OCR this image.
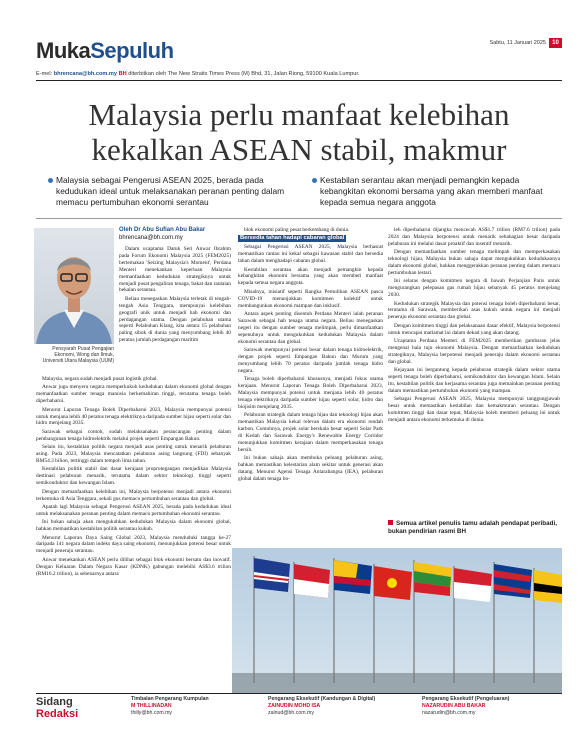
MukaSepuluh	Sabtu, 11 Januari 2025	10
E-mel: bhrencana@bh.com.my BH diterbitkan oleh The New Straits Times Press (M) Bhd, 31, Jalan Riong, 59100 Kuala Lumpur.
Malaysia perlu manfaat kelebihan
kekalkan ASEAN stabil, makmur
Malaysia sebagai Pengerusi ASEAN 2025, berada pada kedudukan ideal untuk melaksanakan peranan penting dalam memacu pertumbuhan ekonomi serantau
Kestabilan serantau akan menjadi pemangkin kepada kebangkitan ekonomi bersama yang akan memberi manfaat kepada semua negara anggota
Pensyarah Pusat Pengajian Ekonomi, Wong dan Ilmuk, Universiti Utara Malaysia (UUM)
Oleh Dr Abu Sufian Abu Bakar
bhrencana@bh.com.my

Dalam ucaptama Datuk Seri Anwar Ibrahim pada Forum Ekonomi Malaysia 2025 (FEM2025) bertemakan 'Seizing Malaysia's Moment', Perdana Menteri menekankan keperluan Malaysia memanfaatkan kedudukan strategiknya untuk menjadi pusat pengaliran tenaga, bakat dan rantaian bekalan serantau.

Beliau menegaskan Malaysia terletak di tengah-tengah Asia Tenggara, mempunyai kelebihan geografi unik untuk menjadi hab ekonomi dan perdagangan utama. Dengan pelabuhan utama seperti Pelabuhan Klang, kita antara 15 pelabuhan paling sibuk di dunia yang menyumbang lebih 40 peratus jumlah perdagangan maritim

Malaysia, negara sudah menjadi pusat logistik global.

Anwar juga menyeru negara memperkukuh kedudukan dalam ekonomi global dengan memanfaatkan sumber tenaga manusia berkemahiran tinggi, terutama tenaga boleh diperbaharui.

Menurut Laporan Tenaga Boleh Diperbaharui 2023, Malaysia mempunyai potensi untuk menjana lebih 40 peratus tenaga elektriknya daripada sumber hijau seperti solar dan hidro menjelang 2035.

Sarawak sebagai contoh, sudah melaksanakan perancangan penting dalam pembangunan tenaga hidroelektrik melalui projek seperti Empangan Bakun.

Selain itu, kestabilan politik negara menjadi asas penting untuk menarik pelaburan asing. Pada 2023, Malaysia mencatatkan pelaburan asing langsung (FDI) sebanyak RM54.3 bilion, tertinggi dalam tempoh lima tahun.

Kestabilan politik stabil dan dasar kerajaan proprotegangan menjadikan Malaysia destinasi pelaburan menarik, terutama dalam sektor teknologi tinggi seperti semikonduktor dan kewangan Islam.

Dengan memanfaatkan kelebihan ini, Malaysia berpotensi menjadi antara ekonomi terkemuka di Asia Tenggara, sekali gus memacu pertumbuhan serantau dan global.

Apatah lagi Malaysia sebagai Pengerusi ASEAN 2025, berada pada kedudukan ideal untuk melaksanakan peranan penting dalam memacu pertumbuhan ekonomi serantau.

Ini bukan sahaja akan mengukuhkan kedudukan Malaysia dalam ekonomi global, bahkan memastikan kestabilan politik serantau kukuh.

Menurut Laporan Daya Saing Global 2023, Malaysia menduduki tangga ke-27 daripada 141 negara dalam indeks daya saing ekonomi, menunjukkan potensi besar untuk menjadi peneraju serantau.

Anwar menekankan ASEAN perlu dilihat sebagai blok ekonomi bersatu dan inovatif. Dengan Keluaran Dalam Negara Kasar (KDNK) gabungan melebihi AS$3.6 trilion (RM16.2 trilion), ia sebenarnya antara

blok ekonomi paling pesat berkembang di dunia.

Bersedia tahan hadapi cabaran global

Sebagai Pengerusi ASEAN 2025, Malaysia berhasrat memastikan rantau ini kekal sebagai kawasan stabil dan bersedia tahan dalam menghadapi cabaran global.

Kestabilan serantau akan menjadi pemangkin kepada kebangkitan ekonomi bersama yang akan memberi manfaat kepada semua negara anggota.

Misalnya, inisiatif seperti Rangka Pemulihan ASEAN pasca COVID-19 menunjukkan komitmen kolektif untuk membangunkan ekonomi mampan dan inklusif.

Antara aspek penting disentuh Perdana Menteri ialah peranan Sarawak sebagai hab tenaga utama negara. Beliau menegaskan negeri itu dengan sumber tenaga melimpah, perlu dimanfaatkan sepenuhnya untuk mengukuhkan kedudukan Malaysia dalam ekonomi serantau dan global.

Sarawak mempunyai potensi besar dalam tenaga hidroelektrik, dengan projek seperti Empangan Bakun dan Murum yang menyumbang lebih 70 peratus daripada jumlah tenaga hidro negara.

Tenaga boleh diperbaharui khususnya, menjadi fokus utama kerajaan. Menurut Laporan Tenaga Boleh Diperbaharui 2023, Malaysia mempunyai potensi untuk menjana lebih 40 peratus tenaga elektriknya daripada sumber hijau seperti solar, hidro dan biojisim menjelang 2035.

Pelaburan strategik dalam tenaga hijau dan teknologi hijau akan memastikan Malaysia kekal relevan dalam era ekonomi rendah karbon. Contohnya, projek solar berskala besar seperti Solar Park di Kedah dan Sarawak Energy's Renewable Energy Corridor menunjukkan komitmen kerajaan dalam memperkasakan tenaga bersih.

Ini bukan sahaja akan membuka peluang pelaburan asing, bahkan memastikan kelestarian alam sekitar untuk generasi akan datang. Menurut Agensi Tenaga Antarabangsa (IEA), pelaburan global dalam tenaga bo-

leh diperbaharui dijangka mencecah AS$1.7 trilion (RM7.6 trilion) pada 2024 dan Malaysia berpotensi untuk menarik sebahagian besar daripada pelaburan ini melalui dasar proaktif dan insentif menarik.

Dengan memanfaatkan sumber tenaga melimpah dan memperkasakan teknologi hijau, Malaysia bukan sahaja dapat mengukuhkan kedudukannya dalam ekonomi global, bahkan menggerakkan peranan penting dalam memacu pertumbuhan lestari.

Ini selaras dengan komitmen negara di bawah Perjanjian Paris untuk mengurangkan pelepasan gas rumah hijau sebanyak 45 peratus menjelang 2030.

Kedudukan strategik Malaysia dan potensi tenaga boleh diperbaharui besar, terutama di Sarawak, memberikan asas kukuh untuk negara ini menjadi peneraju ekonomi serantau dan global.

Dengan komitmen tinggi dan pelaksanaan dasar efektif, Malaysia berpotensi untuk mencapai matlamat ini dalam dekad yang akan datang.

Ucaptama Perdana Menteri di FEM2025 memberikan gambaran jelas mengenai hala tuju ekonomi Malaysia. Dengan memanfaatkan kedudukan strategiknya, Malaysia berpotensi menjadi peneraju dalam ekonomi serantau dan global.

Kejayaan ini bergantung kepada pelaburan strategik dalam sektor utama seperti tenaga boleh diperbaharui, semikonduktor dan kewangan Islam. Selain itu, kestabilan politik dan kerjasama serantau juga memainkan peranan penting dalam memastikan pertumbuhan ekonomi yang mampan.

Sebagai Pengerusi ASEAN 2025, Malaysia mempunyai tanggungjawab besar untuk memastikan kestabilan dan kemakmuran serantau. Dengan komitmen tinggi dan dasar tepat, Malaysia boleh memberi peluang ini untuk menjadi antara ekonomi terkemuka di dunia.

Semua artikel penulis tamu adalah pendapat peribadi, bukan pendirian rasmi BH
Sidang
Redaksi
Timbalan Pengarang Kumpulan
M THILLINADAN
thilly@bh.com.my
Pengarang Eksekutif (Kandungan & Digital)
ZAINUDIN MOHD ISA
zainud@bh.com.my
Pengarang Eksekutif (Pengeluaran)
NAZARUDIN ABU BAKAR
nazarudin@bh.com.my
